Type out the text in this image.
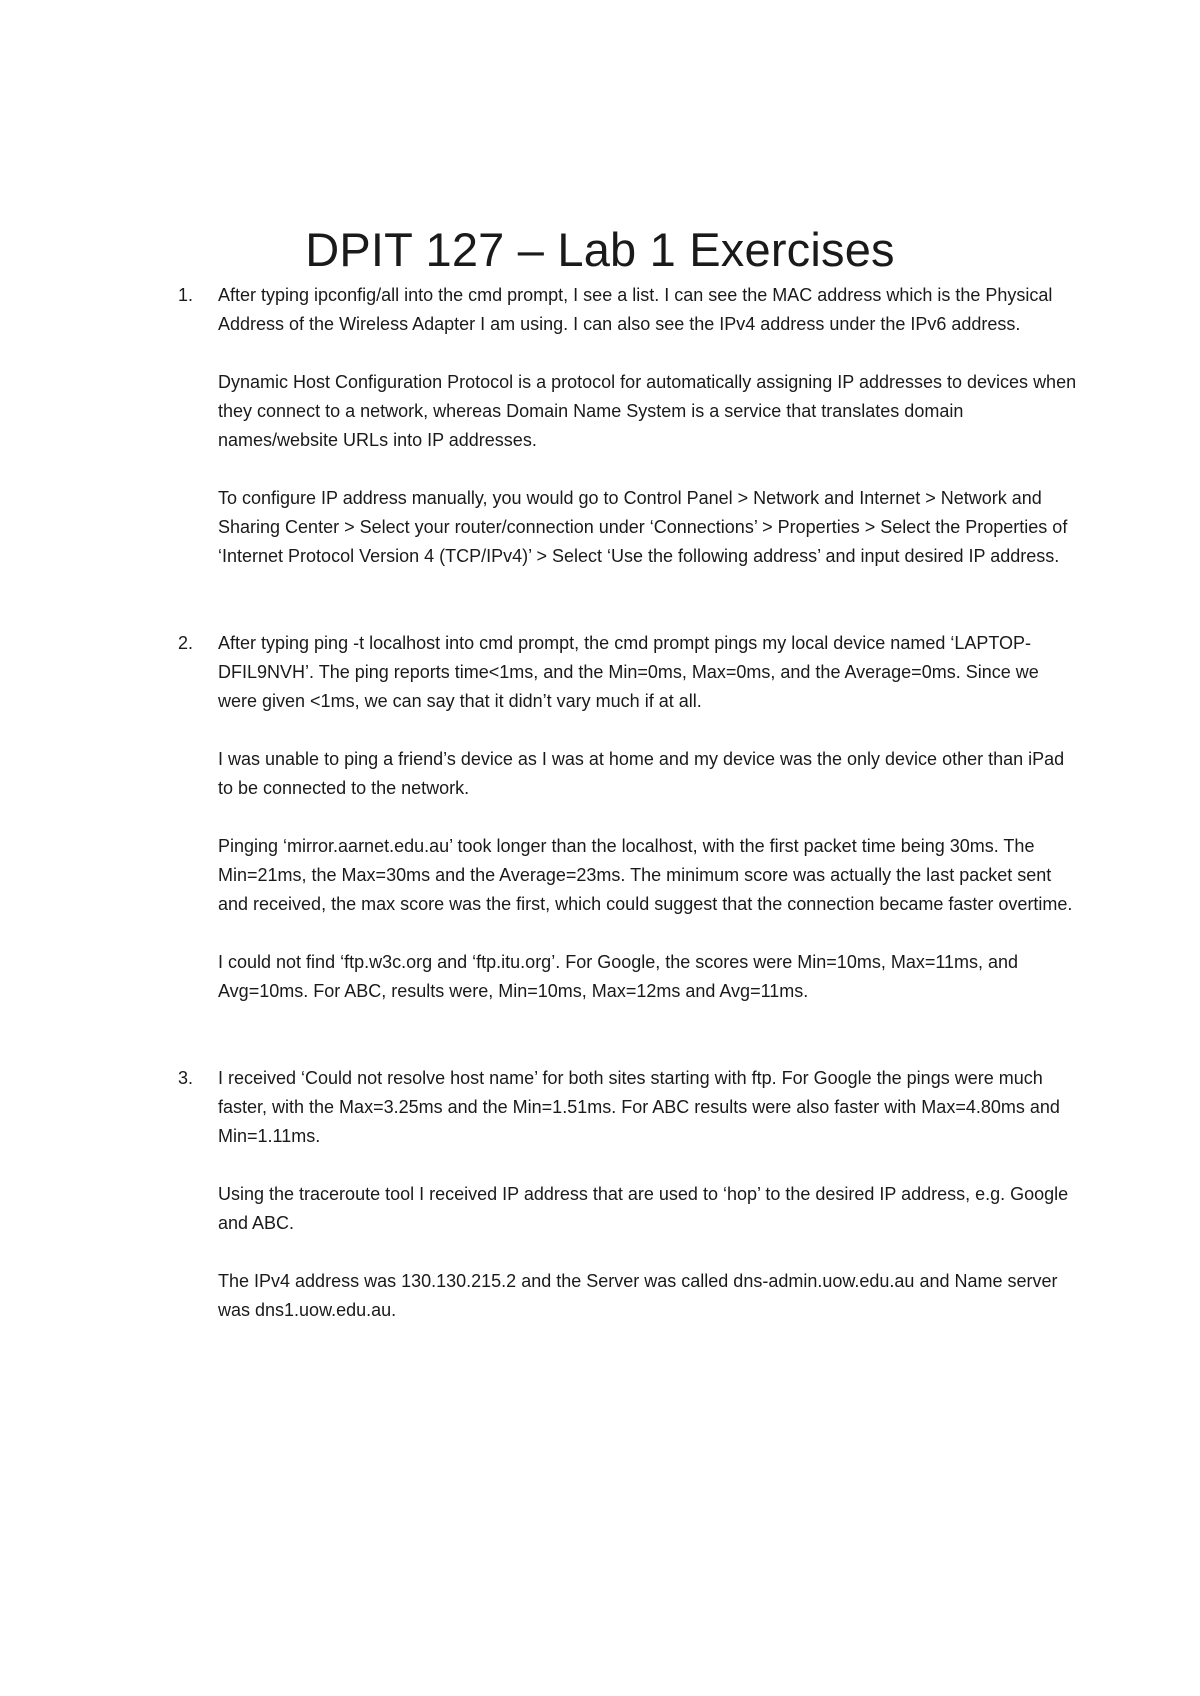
DPIT 127 – Lab 1 Exercises
1. After typing ipconfig/all into the cmd prompt, I see a list. I can see the MAC address which is the Physical Address of the Wireless Adapter I am using. I can also see the IPv4 address under the IPv6 address.

Dynamic Host Configuration Protocol is a protocol for automatically assigning IP addresses to devices when they connect to a network, whereas Domain Name System is a service that translates domain names/website URLs into IP addresses.

To configure IP address manually, you would go to Control Panel > Network and Internet > Network and Sharing Center > Select your router/connection under ‘Connections’ > Properties > Select the Properties of ‘Internet Protocol Version 4 (TCP/IPv4)’ > Select ‘Use the following address’ and input desired IP address.

2. After typing ping -t localhost into cmd prompt, the cmd prompt pings my local device named ‘LAPTOP-DFIL9NVH’. The ping reports time<1ms, and the Min=0ms, Max=0ms, and the Average=0ms. Since we were given <1ms, we can say that it didn’t vary much if at all.

I was unable to ping a friend’s device as I was at home and my device was the only device other than iPad to be connected to the network.

Pinging ‘mirror.aarnet.edu.au’ took longer than the localhost, with the first packet time being 30ms. The Min=21ms, the Max=30ms and the Average=23ms. The minimum score was actually the last packet sent and received, the max score was the first, which could suggest that the connection became faster overtime.

I could not find ‘ftp.w3c.org and ‘ftp.itu.org’. For Google, the scores were Min=10ms, Max=11ms, and Avg=10ms. For ABC, results were, Min=10ms, Max=12ms and Avg=11ms.

3. I received ‘Could not resolve host name’ for both sites starting with ftp. For Google the pings were much faster, with the Max=3.25ms and the Min=1.51ms. For ABC results were also faster with Max=4.80ms and Min=1.11ms.

Using the traceroute tool I received IP address that are used to ‘hop’ to the desired IP address, e.g. Google and ABC.

The IPv4 address was 130.130.215.2 and the Server was called dns-admin.uow.edu.au and Name server was dns1.uow.edu.au.
